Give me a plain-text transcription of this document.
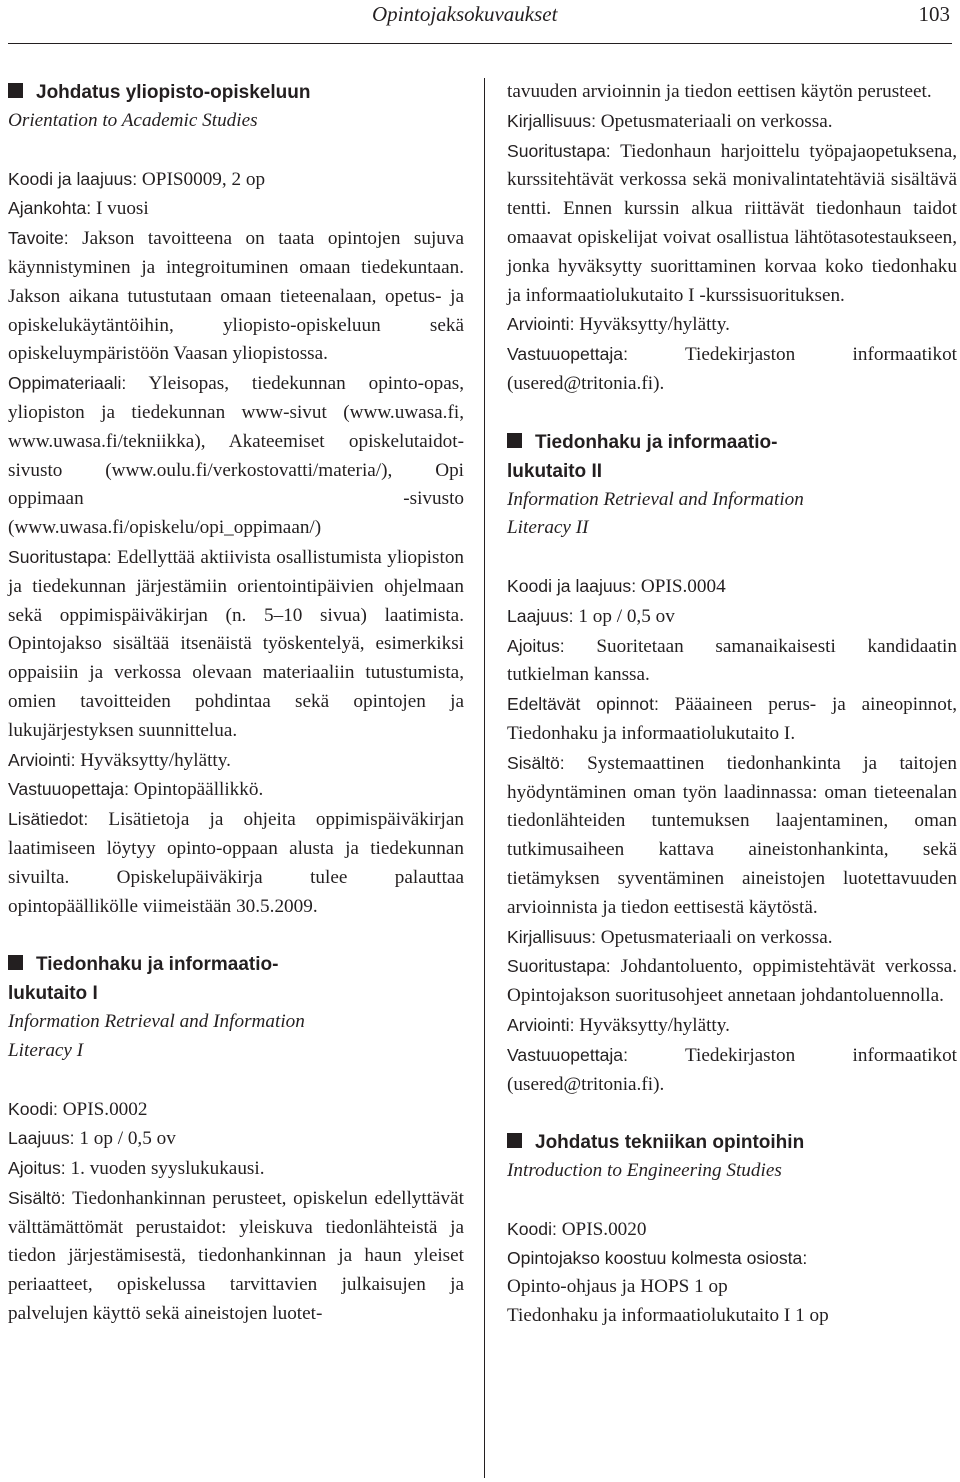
Opintojaksokuvaukset	103
Johdatus yliopisto-opiskeluun
Orientation to Academic Studies

Koodi ja laajuus: OPIS0009, 2 op

Ajankohta: I vuosi

Tavoite: Jakson tavoitteena on taata opintojen sujuva käynnistyminen ja integroituminen omaan tiedekuntaan. Jakson aikana tutustutaan omaan tieteenalaan, opetus- ja opiskelukäytäntöihin, yliopisto-opiskeluun sekä opiskeluympäristöön Vaasan yliopistossa.

Oppimateriaali: Yleisopas, tiedekunnan opinto-opas, yliopiston ja tiedekunnan www-sivut (www.uwasa.fi, www.uwasa.fi/tekniikka), Akateemiset opiskelutaidot-sivusto (www.oulu.fi/verkostovatti/materia/), Opi oppimaan -sivusto (www.uwasa.fi/opiskelu/opi_oppimaan/)

Suoritustapa: Edellyttää aktiivista osallistumista yliopiston ja tiedekunnan järjestämiin orientointipäivien ohjelmaan sekä oppimispäiväkirjan (n. 5–10 sivua) laatimista. Opintojakso sisältää itsenäistä työskentelyä, esimerkiksi oppaisiin ja verkossa olevaan materiaaliin tutustumista, omien tavoitteiden pohdintaa sekä opintojen ja lukujärjestyksen suunnittelua.

Arviointi: Hyväksytty/hylätty.

Vastuuopettaja: Opintopäällikkö.

Lisätiedot: Lisätietoja ja ohjeita oppimispäiväkirjan laatimiseen löytyy opinto-oppaan alusta ja tiedekunnan sivuilta. Opiskelupäiväkirja tulee palauttaa opintopäällikölle viimeistään 30.5.2009.

Tiedonhaku ja informaatio-
lukutaito I
Information Retrieval and Information
Literacy I

Koodi: OPIS.0002

Laajuus: 1 op / 0,5 ov

Ajoitus: 1. vuoden syyslukukausi.

Sisältö: Tiedonhankinnan perusteet, opiskelun edellyttävät välttämättömät perustaidot: yleiskuva tiedonlähteistä ja tiedon järjestämisestä, tiedonhankinnan ja haun yleiset periaatteet, opiskelussa tarvittavien julkaisujen ja palvelujen käyttö sekä aineistojen luotet-

tavuuden arvioinnin ja tiedon eettisen käytön perusteet.

Kirjallisuus: Opetusmateriaali on verkossa.

Suoritustapa: Tiedonhaun harjoittelu työpajaopetuksena, kurssitehtävät verkossa sekä monivalintatehtäviä sisältävä tentti. Ennen kurssin alkua riittävät tiedonhaun taidot omaavat opiskelijat voivat osallistua lähtötasotestaukseen, jonka hyväksytty suorittaminen korvaa koko tiedonhaku ja informaatiolukutaito I -kurssisuorituksen.

Arviointi: Hyväksytty/hylätty.

Vastuuopettaja:	Tiedekirjaston informaatikot (usered@tritonia.fi).

Tiedonhaku ja informaatio-
lukutaito II
Information Retrieval and Information
Literacy II

Koodi ja laajuus: OPIS.0004

Laajuus: 1 op / 0,5 ov

Ajoitus: Suoritetaan samanaikaisesti kandidaatin tutkielman kanssa.

Edeltävät opinnot: Pääaineen perus- ja aineopinnot, Tiedonhaku ja informaatiolukutaito I.

Sisältö: Systemaattinen tiedonhankinta ja taitojen hyödyntäminen oman työn laadinnassa: oman tieteenalan tiedonlähteiden tuntemuksen laajentaminen, oman tutkimusaiheen kattava aineistonhankinta, sekä tietämyksen syventäminen aineistojen luotettavuuden arvioinnista ja tiedon eettisestä käytöstä.

Kirjallisuus: Opetusmateriaali on verkossa.

Suoritustapa: Johdantoluento, oppimistehtävät verkossa. Opintojakson suoritusohjeet annetaan johdantoluennolla.

Arviointi: Hyväksytty/hylätty.

Vastuuopettaja:	Tiedekirjaston informaatikot (usered@tritonia.fi).

Johdatus tekniikan opintoihin
Introduction to Engineering Studies

Koodi: OPIS.0020

Opintojakso koostuu kolmesta osiosta:

Opinto-ohjaus ja HOPS 1 op

Tiedonhaku ja informaatiolukutaito I 1 op
